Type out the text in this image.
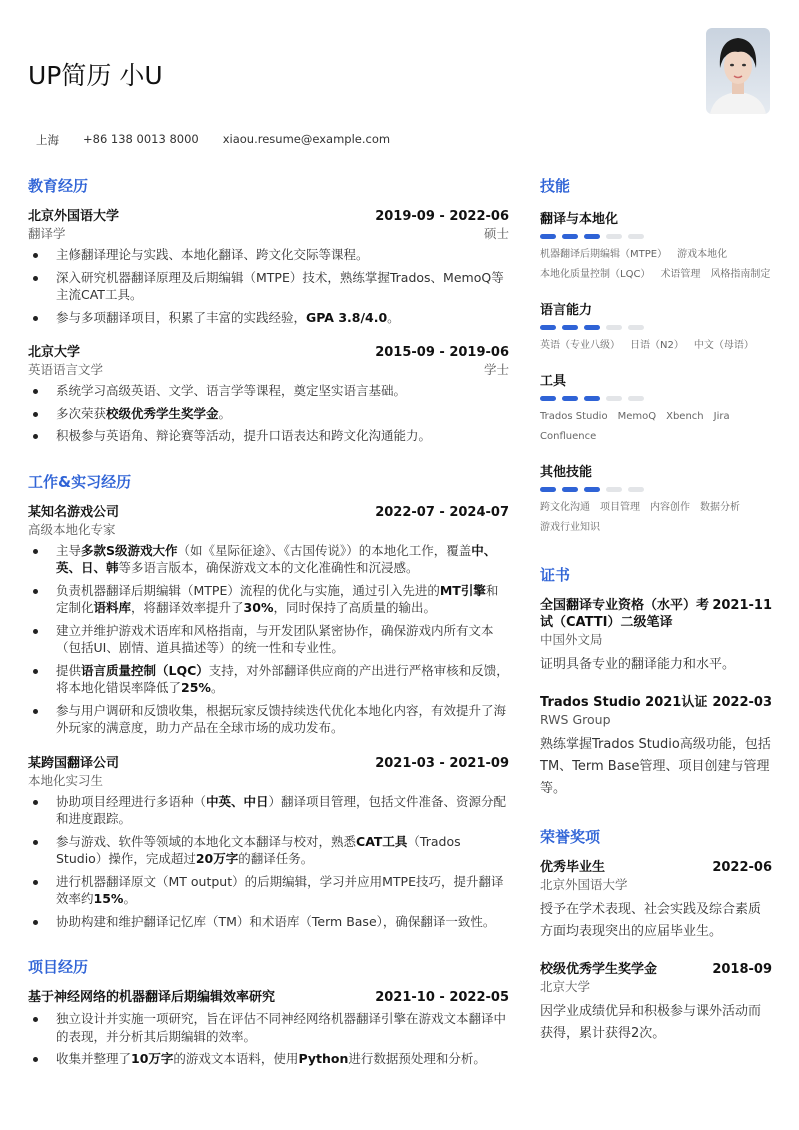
UP简历 小U
上海 +86 138 0013 8000 xiaou.resume@example.com
教育经历
北京外国语大学	2019-09 - 2022-06
翻译学	硕士
主修翻译理论与实践、本地化翻译、跨文化交际等课程。
深入研究机器翻译原理及后期编辑（MTPE）技术，熟练掌握Trados、MemoQ等主流CAT工具。
参与多项翻译项目，积累了丰富的实践经验，GPA 3.8/4.0。
北京大学	2015-09 - 2019-06
英语语言文学	学士
系统学习高级英语、文学、语言学等课程，奠定坚实语言基础。
多次荣获校级优秀学生奖学金。
积极参与英语角、辩论赛等活动，提升口语表达和跨文化沟通能力。
工作&实习经历
某知名游戏公司	2022-07 - 2024-07
高级本地化专家
主导多款S级游戏大作（如《星际征途》、《古国传说》）的本地化工作，覆盖中、英、日、韩等多语言版本，确保游戏文本的文化准确性和沉浸感。
负责机器翻译后期编辑（MTPE）流程的优化与实施，通过引入先进的MT引擎和定制化语料库，将翻译效率提升了30%，同时保持了高质量的输出。
建立并维护游戏术语库和风格指南，与开发团队紧密协作，确保游戏内所有文本（包括UI、剧情、道具描述等）的统一性和专业性。
提供语言质量控制（LQC）支持，对外部翻译供应商的产出进行严格审核和反馈，将本地化错误率降低了25%。
参与用户调研和反馈收集，根据玩家反馈持续迭代优化本地化内容，有效提升了海外玩家的满意度，助力产品在全球市场的成功发布。
某跨国翻译公司	2021-03 - 2021-09
本地化实习生
协助项目经理进行多语种（中英、中日）翻译项目管理，包括文件准备、资源分配和进度跟踪。
参与游戏、软件等领域的本地化文本翻译与校对，熟悉CAT工具（Trados Studio）操作，完成超过20万字的翻译任务。
进行机器翻译原文（MT output）的后期编辑，学习并应用MTPE技巧，提升翻译效率约15%。
协助构建和维护翻译记忆库（TM）和术语库（Term Base），确保翻译一致性。
项目经历
基于神经网络的机器翻译后期编辑效率研究	2021-10 - 2022-05
独立设计并实施一项研究，旨在评估不同神经网络机器翻译引擎在游戏文本翻译中的表现，并分析其后期编辑的效率。
收集并整理了10万字的游戏文本语料，使用Python进行数据预处理和分析。
技能
翻译与本地化
机器翻译后期编辑（MTPE） 游戏本地化
本地化质量控制（LQC） 术语管理 风格指南制定
语言能力
英语（专业八级） 日语（N2） 中文（母语）
工具
Trados Studio MemoQ Xbench Jira
Confluence
其他技能
跨文化沟通 项目管理 内容创作 数据分析
游戏行业知识
证书
全国翻译专业资格（水平）考试（CATTI）二级笔译
2021-11
中国外文局
证明具备专业的翻译能力和水平。
Trados Studio 2021认证 2022-03
RWS Group
熟练掌握Trados Studio高级功能，包括TM、Term Base管理、项目创建与管理等。
荣誉奖项
优秀毕业生	2022-06
北京外国语大学
授予在学术表现、社会实践及综合素质方面均表现突出的应届毕业生。
校级优秀学生奖学金	2018-09
北京大学
因学业成绩优异和积极参与课外活动而获得，累计获得2次。
